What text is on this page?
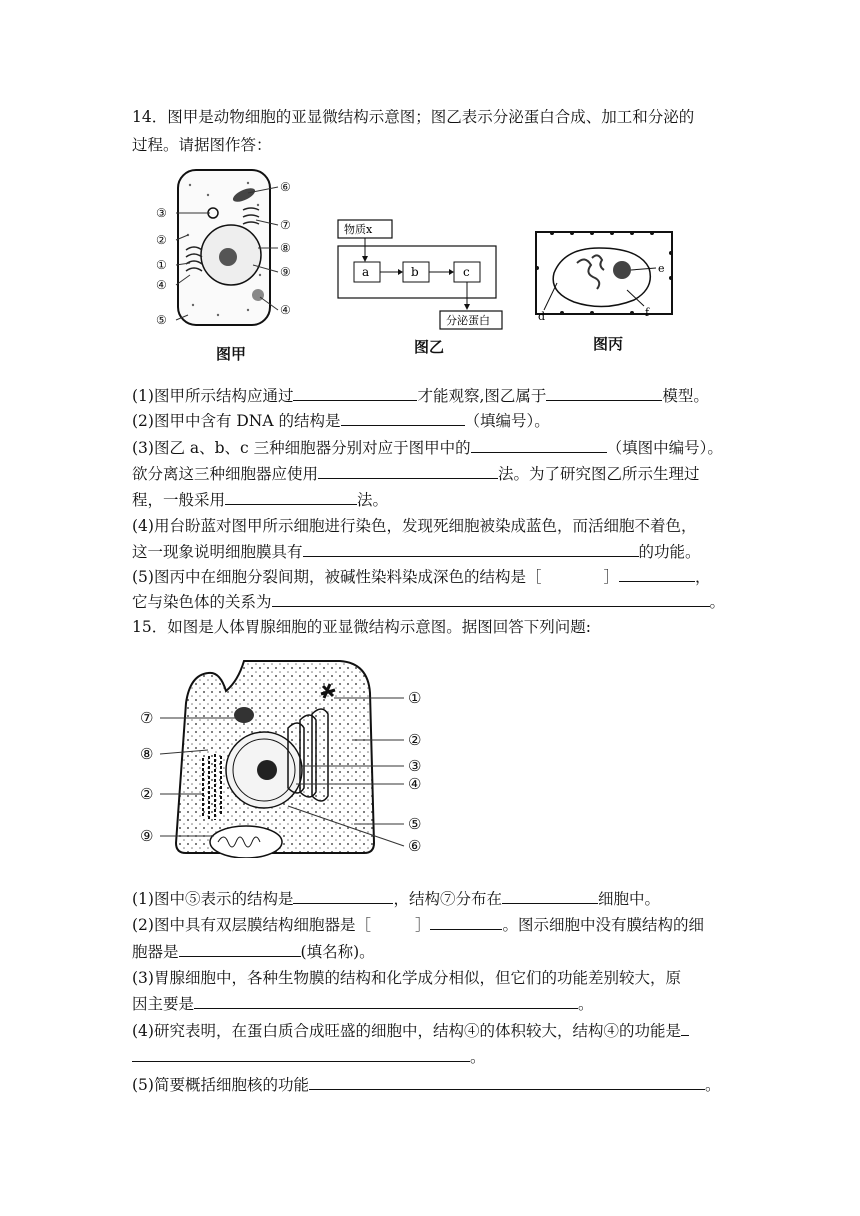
14．图甲是动物细胞的亚显微结构示意图；图乙表示分泌蛋白合成、加工和分泌的
过程。请据图作答：
⑥
③
⑦
②
⑧
①	⑨
④
④
⑤
图甲
物质x
a	b	c
分泌蛋白
图乙
e
d	f
图丙
(1)图甲所示结构应通过	才能观察,图乙属于	模型。
(2)图甲中含有 DNA 的结构是	（填编号）。
(3)图乙 a、b、c 三种细胞器分别对应于图甲中的	（填图中编号）。
欲分离这三种细胞器应使用	法。为了研究图乙所示生理过
程，一般采用	法。
(4)用台盼蓝对图甲所示细胞进行染色，发现死细胞被染成蓝色，而活细胞不着色，
这一现象说明细胞膜具有	的功能。
(5)图丙中在细胞分裂间期，被碱性染料染成深色的结构是［	］	，
它与染色体的关系为	。
15．如图是人体胃腺细胞的亚显微结构示意图。据图回答下列问题:
①
⑦
②
⑧
③
②
④
⑤
⑨
⑥
(1)图中⑤表示的结构是	，结构⑦分布在	细胞中。
(2)图中具有双层膜结构细胞器是［	］	。图示细胞中没有膜结构的细
胞器是	(填名称)。
(3)胃腺细胞中，各种生物膜的结构和化学成分相似，但它们的功能差别较大，原
因主要是	。
(4)研究表明，在蛋白质合成旺盛的细胞中，结构④的体积较大，结构④的功能是
。
(5)简要概括细胞核的功能	。
